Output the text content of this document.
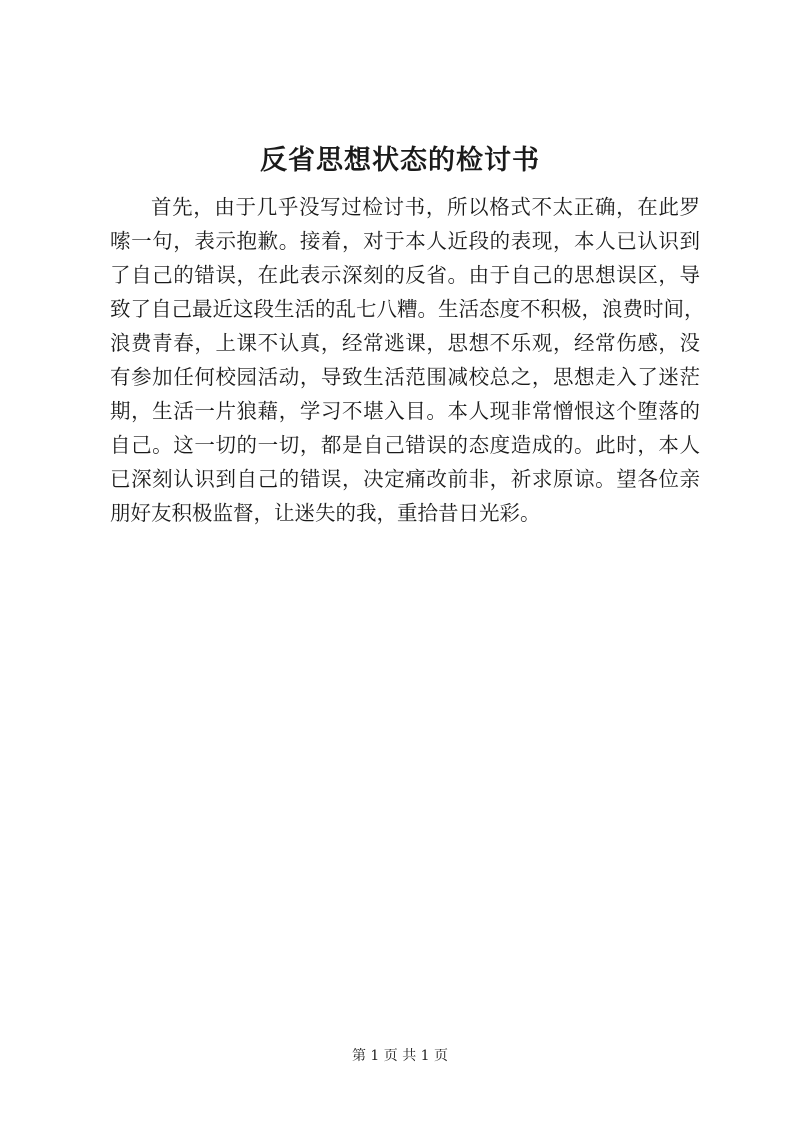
反省思想状态的检讨书
首先，由于几乎没写过检讨书，所以格式不太正确，在此罗
嗦一句，表示抱歉。接着，对于本人近段的表现，本人已认识到
了自己的错误，在此表示深刻的反省。由于自己的思想误区，导
致了自己最近这段生活的乱七八糟。生活态度不积极，浪费时间，
浪费青春，上课不认真，经常逃课，思想不乐观，经常伤感，没
有参加任何校园活动，导致生活范围减校总之，思想走入了迷茫
期，生活一片狼藉，学习不堪入目。本人现非常憎恨这个堕落的
自己。这一切的一切，都是自己错误的态度造成的。此时，本人
已深刻认识到自己的错误，决定痛改前非，祈求原谅。望各位亲
朋好友积极监督，让迷失的我，重拾昔日光彩。
第 1 页 共 1 页
